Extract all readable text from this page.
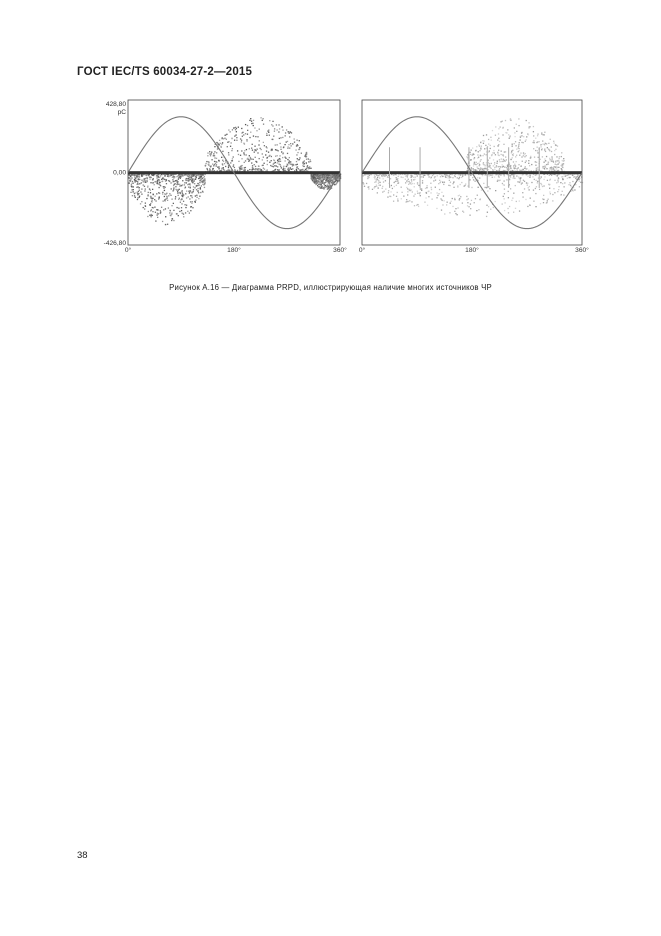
ГОСТ IEC/TS 60034-27-2—2015
0°	180°	360°
428,80
0,00
-426,80
pC
0°	180°	360°
Рисунок А.16 — Диаграмма PRPD, иллюстрирующая наличие многих источников ЧР
38
